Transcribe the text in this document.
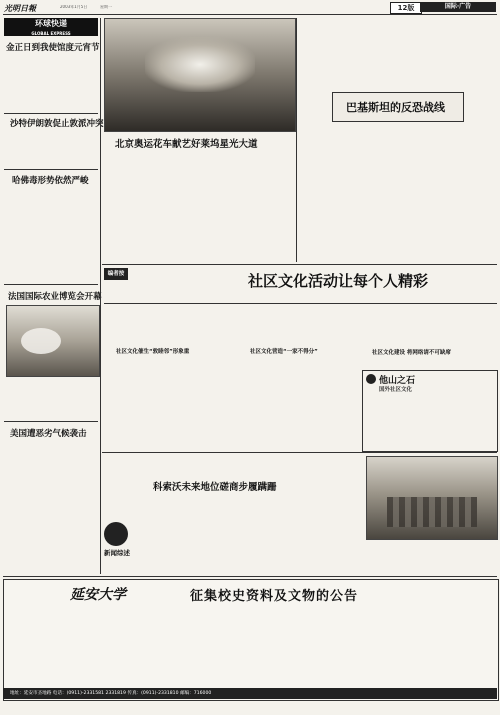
光明日報	2003年1月5日	星期一	12版	国际·广告
环球快递
GLOBAL EXPRESS
金正日到我使馆度元宵节
沙特伊朗敦促止敦派冲突
哈佛毒形势依然严峻
法国国际农业博览会开幕
美国遭恶劣气候袭击
北京奥运花车献艺好莱坞星光大道
巴基斯坦的反恐战线
编者按	社区文化活动让每个人精彩
社区文化催生“敦睦邻”形象重	社区文化营造“一家不得分”	社区文化建设 将网络请不可缺席
他山之石
国外社区文化
科索沃未来地位磋商步履蹒跚
新闻综述
延安大学	征集校史资料及文物的公告
地址：延安市圣地路 电话：(0911)-2331581 2331819 传真：(0911)-2331810 邮编：716000
